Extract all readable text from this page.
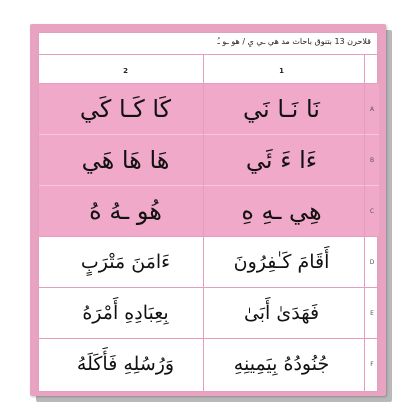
قلاحرن 13 بتنوق باحاث مد هي ـي يِ / هو ـو ـُ
2	1
كَا كَـا كَي	نَا نَـا نَي	A
هَا هَا هَي	ءَا ءَ ئَي	B
هُو ـهُ هُ	هِي ـهِ هِ	C
ءَامَنَ مَتْرَبٍ	أَقَامَ كَـٰفِرُونَ	D
بِعِبَادِهِ أَمْرَهُ	فَهَدَىٰ أَبَىٰ	E
وَرُسُلِهِ فَأَكَلَهُ	جُنُودُهُ بِيَمِينِهِ	F
